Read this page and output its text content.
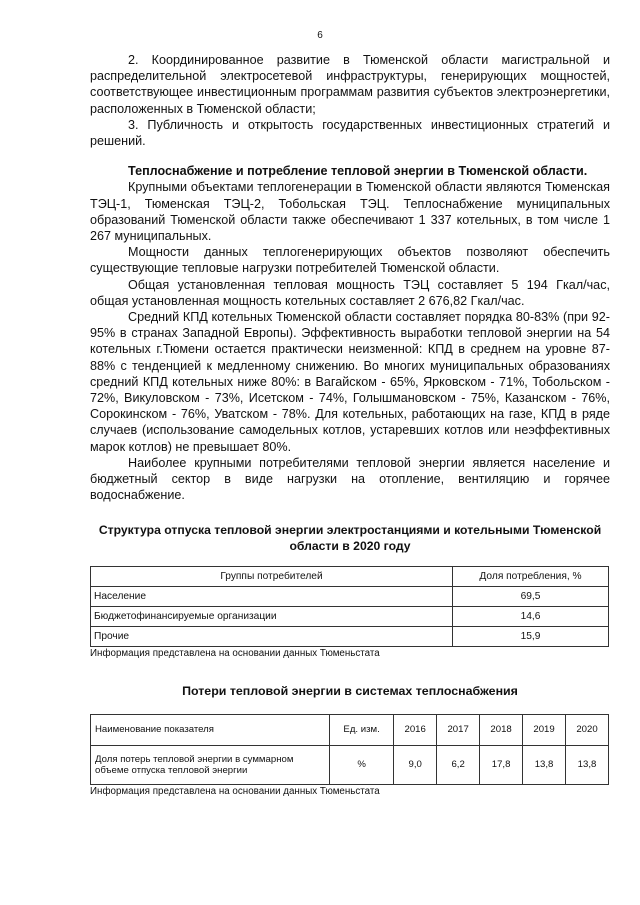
6

2. Координированное развитие в Тюменской области магистральной и распределительной электросетевой инфраструктуры, генерирующих мощностей, соответствующее инвестиционным программам развития субъектов электроэнергетики, расположенных в Тюменской области;

3. Публичность и открытость государственных инвестиционных стратегий и решений.

Теплоснабжение и потребление тепловой энергии в Тюменской области.

Крупными объектами теплогенерации в Тюменской области являются Тюменская ТЭЦ-1, Тюменская ТЭЦ-2, Тобольская ТЭЦ. Теплоснабжение муниципальных образований Тюменской области также обеспечивают 1 337 котельных, в том числе 1 267 муниципальных.

Мощности данных теплогенерирующих объектов позволяют обеспечить существующие тепловые нагрузки потребителей Тюменской области.

Общая установленная тепловая мощность ТЭЦ составляет 5 194 Гкал/час, общая установленная мощность котельных составляет 2 676,82 Гкал/час.

Средний КПД котельных Тюменской области составляет порядка 80-83% (при 92-95% в странах Западной Европы). Эффективность выработки тепловой энергии на 54 котельных г.Тюмени остается практически неизменной: КПД в среднем на уровне 87-88% с тенденцией к медленному снижению. Во многих муниципальных образованиях средний КПД котельных ниже 80%: в Вагайском - 65%, Ярковском - 71%, Тобольском - 72%, Викуловском - 73%, Исетском - 74%, Голышмановском - 75%, Казанском - 76%, Сорокинском - 76%, Уватском - 78%. Для котельных, работающих на газе, КПД в ряде случаев (использование самодельных котлов, устаревших котлов или неэффективных марок котлов) не превышает 80%.

Наиболее крупными потребителями тепловой энергии является население и бюджетный сектор в виде нагрузки на отопление, вентиляцию и горячее водоснабжение.

Структура отпуска тепловой энергии электростанциями и котельными Тюменской области в 2020 году
Группы потребителей	Доля потребления, %
Население	69,5
Бюджетофинансируемые организации	14,6
Прочие	15,9
Информация представлена на основании данных Тюменьстата
Потери тепловой энергии в системах теплоснабжения
Наименование показателя	Ед. изм.	2016	2017	2018	2019	2020
Доля потерь тепловой энергии в суммарном объеме отпуска тепловой энергии	%	9,0	6,2	17,8	13,8	13,8
Информация представлена на основании данных Тюменьстата
